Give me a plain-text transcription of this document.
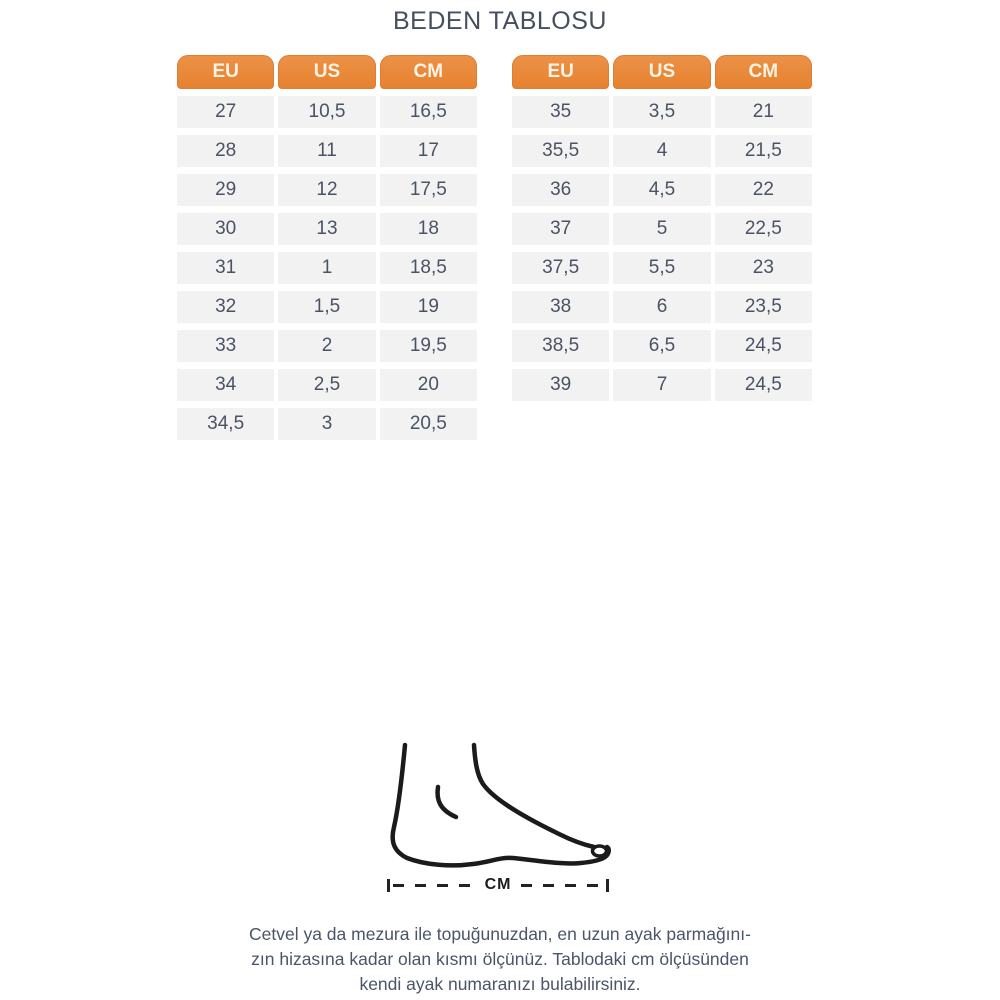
BEDEN TABLOSU
EU	US	CM
27	10,5	16,5
28	11	17
29	12	17,5
30	13	18
31	1	18,5
32	1,5	19
33	2	19,5
34	2,5	20
34,5	3	20,5
EU	US	CM
35	3,5	21
35,5	4	21,5
36	4,5	22
37	5	22,5
37,5	5,5	23
38	6	23,5
38,5	6,5	24,5
39	7	24,5
CM
Cetvel ya da mezura ile topuğunuzdan, en uzun ayak parmağını-
zın hizasına kadar olan kısmı ölçünüz. Tablodaki cm ölçüsünden
kendi ayak numaranızı bulabilirsiniz.
